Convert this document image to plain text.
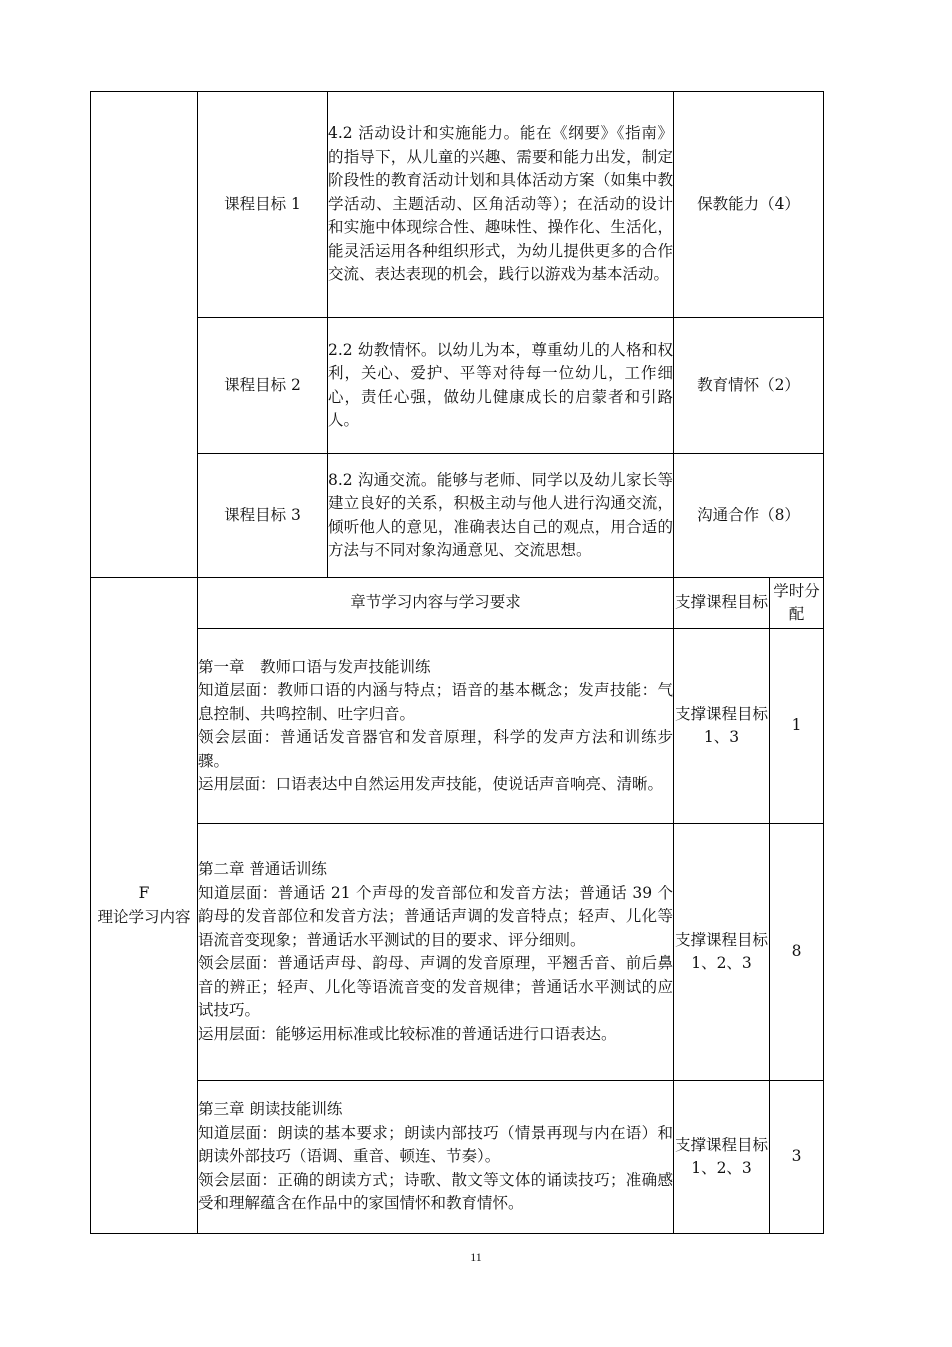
	课程目标 1	4.2 活动设计和实施能力。能在《纲要》《指南》的指导下，从儿童的兴趣、需要和能力出发，制定阶段性的教育活动计划和具体活动方案（如集中教学活动、主题活动、区角活动等）；在活动的设计和实施中体现综合性、趣味性、操作化、生活化，能灵活运用各种组织形式，为幼儿提供更多的合作交流、表达表现的机会，践行以游戏为基本活动。	保教能力（4）	
	课程目标 2	2.2 幼教情怀。以幼儿为本，尊重幼儿的人格和权利，关心、爱护、平等对待每一位幼儿，工作细心，责任心强，做幼儿健康成长的启蒙者和引路人。	教育情怀（2）	
	课程目标 3	8.2 沟通交流。能够与老师、同学以及幼儿家长等建立良好的关系，积极主动与他人进行沟通交流，倾听他人的意见，准确表达自己的观点，用合适的方法与不同对象沟通意见、交流思想。	沟通合作（8）	

F
理论学习内容	章节学习内容与学习要求		支撑课程目标	学时分配

	第一章　教师口语与发声技能训练

知道层面：教师口语的内涵与特点；语音的基本概念；发声技能：气息控制、共鸣控制、吐字归音。

领会层面：普通话发音器官和发音原理，科学的发声方法和训练步骤。

运用层面：口语表达中自然运用发声技能，使说话声音响亮、清晰。		支撑课程目标 1、3	1

	第二章 普通话训练

知道层面：普通话 21 个声母的发音部位和发音方法；普通话 39 个韵母的发音部位和发音方法；普通话声调的发音特点；轻声、儿化等语流音变现象；普通话水平测试的目的要求、评分细则。

领会层面：普通话声母、韵母、声调的发音原理，平翘舌音、前后鼻音的辨正；轻声、儿化等语流音变的发音规律；普通话水平测试的应试技巧。

运用层面：能够运用标准或比较标准的普通话进行口语表达。		支撑课程目标 1、2、3	8

	第三章 朗读技能训练

知道层面：朗读的基本要求；朗读内部技巧（情景再现与内在语）和朗读外部技巧（语调、重音、顿连、节奏）。

领会层面：正确的朗读方式；诗歌、散文等文体的诵读技巧；准确感受和理解蕴含在作品中的家国情怀和教育情怀。		支撑课程目标 1、2、3	3
11
